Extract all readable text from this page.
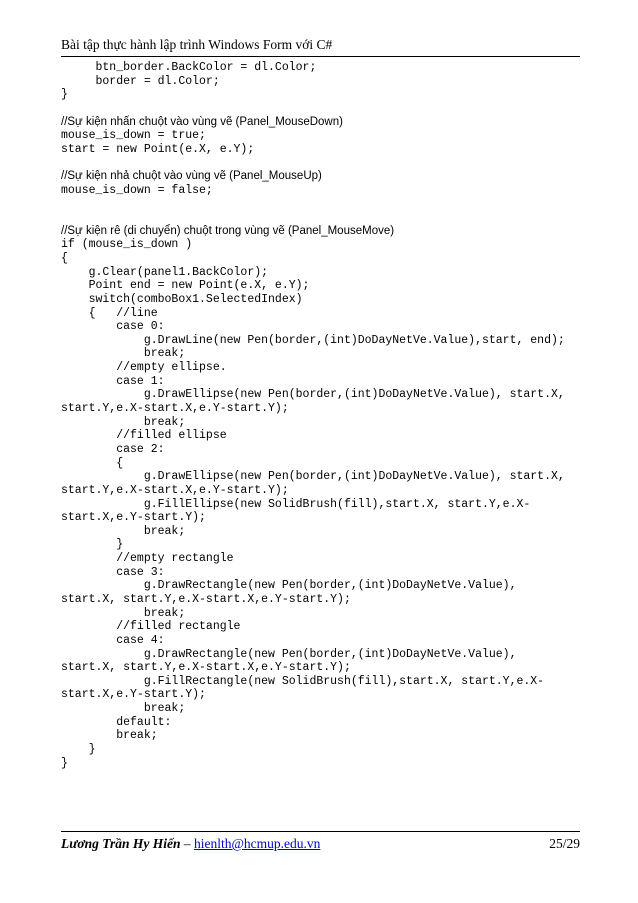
Bài tập thực hành lập trình Windows Form với C#
btn_border.BackColor = dl.Color;
border = dl.Color;
}
//Sự kiện nhấn chuột vào vùng vẽ (Panel_MouseDown)
mouse_is_down = true;
start = new Point(e.X, e.Y);
//Sự kiện nhả chuột vào vùng vẽ (Panel_MouseUp)
mouse_is_down = false;
//Sự kiện rê (di chuyển) chuột trong vùng vẽ (Panel_MouseMove)
if (mouse_is_down )
{
g.Clear(panel1.BackColor);
Point end = new Point(e.X, e.Y);
switch(comboBox1.SelectedIndex)
{   //line
case 0:
g.DrawLine(new Pen(border,(int)DoDayNetVe.Value),start, end);
break;
//empty ellipse.
case 1:
g.DrawEllipse(new Pen(border,(int)DoDayNetVe.Value), start.X,
start.Y,e.X-start.X,e.Y-start.Y);
break;
//filled ellipse
case 2:
{
g.DrawEllipse(new Pen(border,(int)DoDayNetVe.Value), start.X,
start.Y,e.X-start.X,e.Y-start.Y);
g.FillEllipse(new SolidBrush(fill),start.X, start.Y,e.X-
start.X,e.Y-start.Y);
break;
}
//empty rectangle
case 3:
g.DrawRectangle(new Pen(border,(int)DoDayNetVe.Value),
start.X, start.Y,e.X-start.X,e.Y-start.Y);
break;
//filled rectangle
case 4:
g.DrawRectangle(new Pen(border,(int)DoDayNetVe.Value),
start.X, start.Y,e.X-start.X,e.Y-start.Y);
g.FillRectangle(new SolidBrush(fill),start.X, start.Y,e.X-
start.X,e.Y-start.Y);
break;
default:
break;
}
}
Lương Trần Hy Hiến – hienlth@hcmup.edu.vn	25/29
